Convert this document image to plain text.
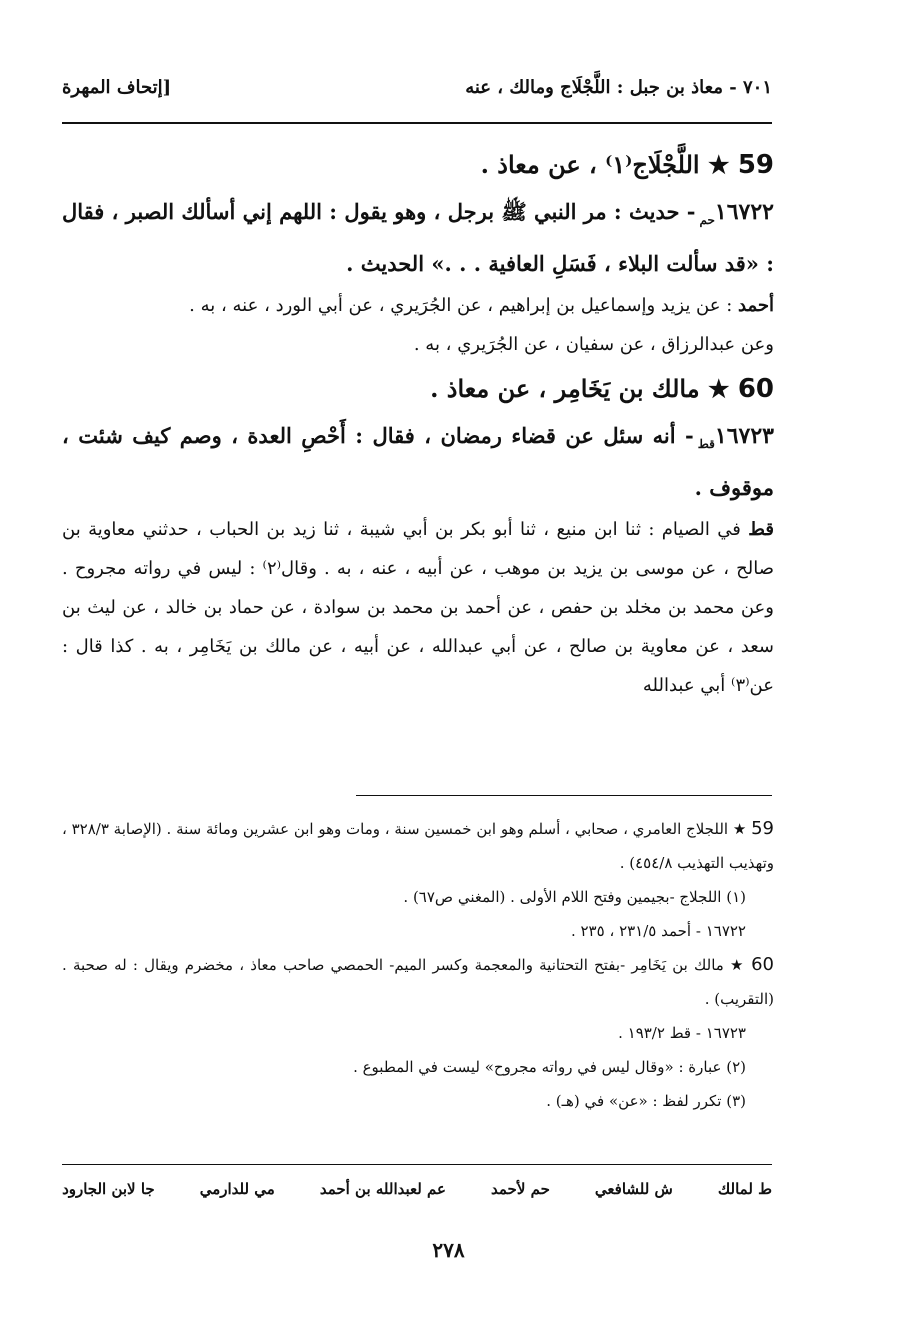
٧٠١ - معاذ بن جبل : اللَّجْلَاج ومالك ، عنه
[إتحاف المهرة

59 ★ اللَّجْلَاج⁽١⁾ ، عن معاذ .

$١٦٧٢٢_{حم}-$ حديث : مر النبي ﷺ برجل ، وهو يقول : اللهم إني أسألك الصبر ، فقال : «قد سألت البلاء ، فَسَلِ العافية . . .» الحديث .

أحمد : عن يزيد وإسماعيل بن إبراهيم ، عن الجُرَيري ، عن أبي الورد ، عنه ، به .

وعن عبدالرزاق ، عن سفيان ، عن الجُرَيري ، به .

60 ★ مالك بن يَخَامِر ، عن معاذ .

$١٦٧٢٣_{قط}-$ أنه سئل عن قضاء رمضان ، فقال : أَحْصِ العدة ، وصم كيف شئت ، موقوف .

قط في الصيام : ثنا ابن منيع ، ثنا أبو بكر بن أبي شيبة ، ثنا زيد بن الحباب ، حدثني معاوية بن صالح ، عن موسى بن يزيد بن موهب ، عن أبيه ، عنه ، به . وقال⁽٢⁾ : ليس في رواته مجروح . وعن محمد بن مخلد بن حفص ، عن أحمد بن محمد بن سوادة ، عن حماد بن خالد ، عن ليث بن سعد ، عن معاوية بن صالح ، عن أبي عبدالله ، عن أبيه ، عن مالك بن يَخَامِر ، به . كذا قال : عن⁽٣⁾ أبي عبدالله

59 ★ اللجلاج العامري ، صحابي ، أسلم وهو ابن خمسين سنة ، ومات وهو ابن عشرين ومائة سنة . (الإصابة ٣٢٨/٣ ، وتهذيب التهذيب ٤٥٤/٨) .

(١) اللجلاج -بجيمين وفتح اللام الأولى . (المغني ص٦٧) .

١٦٧٢٢ - أحمد ٢٣١/٥ ، ٢٣٥ .

60 ★ مالك بن يَخَامِر -بفتح التحتانية والمعجمة وكسر الميم- الحمصي صاحب معاذ ، مخضرم ويقال : له صحبة . (التقريب) .

١٦٧٢٣ - قط ١٩٣/٢ .

(٢) عبارة : «وقال ليس في رواته مجروح» ليست في المطبوع .

(٣) تكرر لفظ : «عن» في (هـ) .

ط لمالك
ش للشافعي
حم لأحمد
عم لعبدالله بن أحمد
مي للدارمي
جا لابن الجارود
٢٧٨
